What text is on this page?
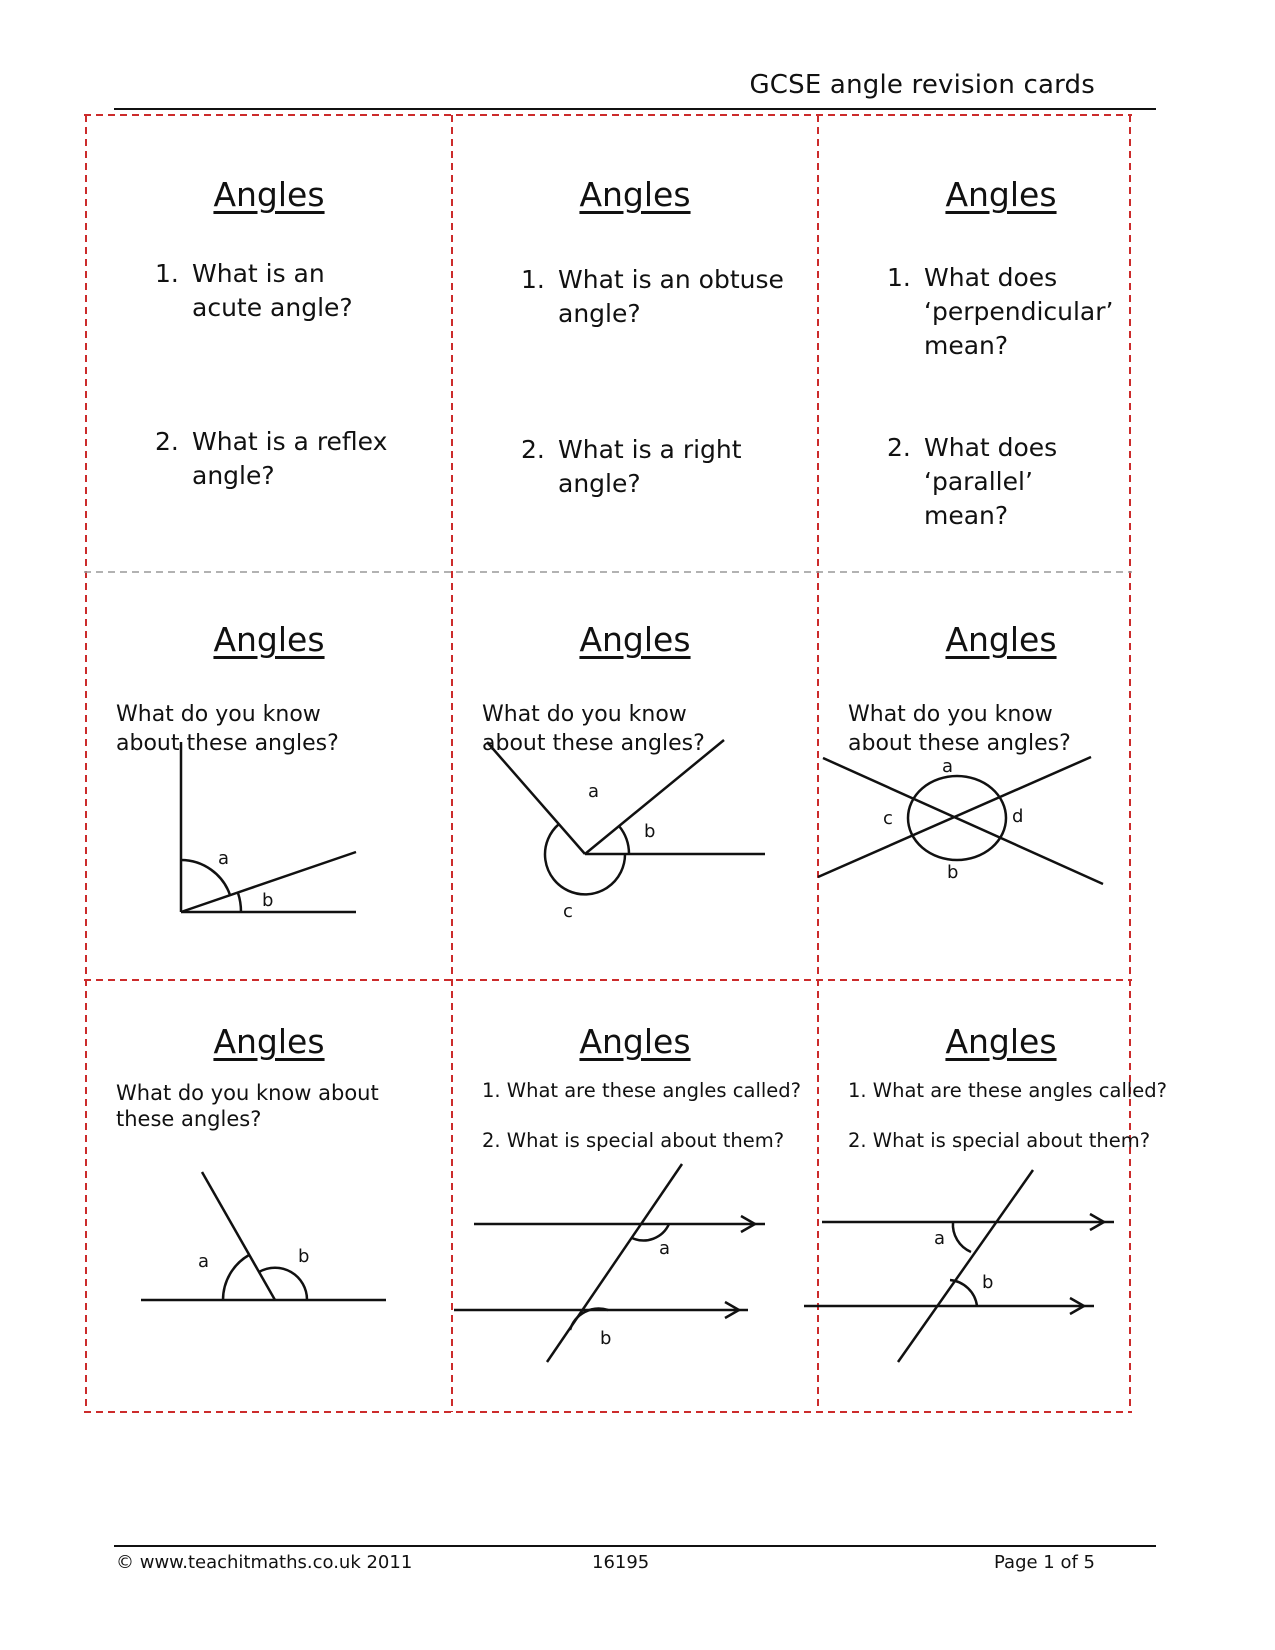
GCSE angle revision cards
Angles
1. What is an acute angle?
2. What is a reflex angle?
Angles
1. What is an obtuse angle?
2. What is a right angle?
Angles
1. What does ‘perpendicular’ mean?
2. What does ‘parallel’ mean?
Angles
What do you know about these angles?
a
b
Angles
What do you know about these angles?
a
b
c
Angles
What do you know about these angles?
a
b
c	d
Angles
What do you know about these angles?
a	b
Angles
1. What are these angles called?
2. What is special about them?
a
b
Angles
1. What are these angles called?
2. What is special about them?
a
b
© www.teachitmaths.co.uk 2011	16195	Page 1 of 5
